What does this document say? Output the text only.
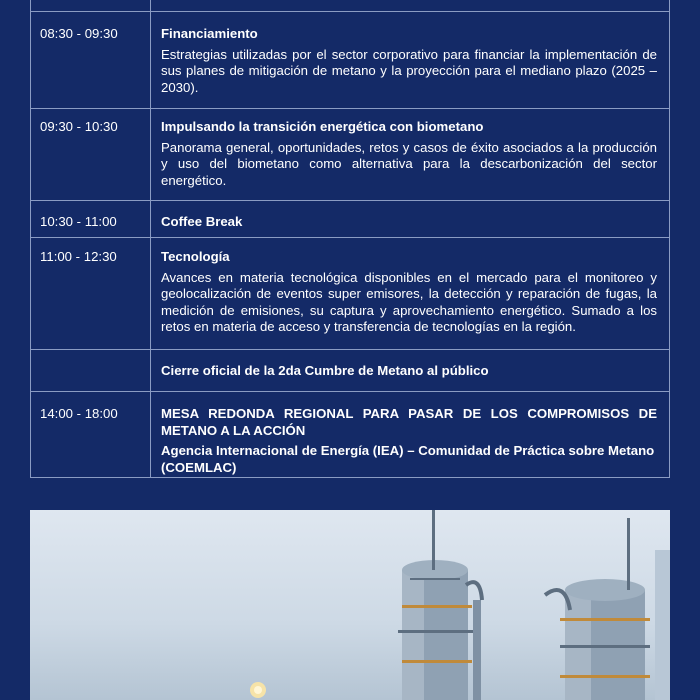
08:30 - 09:30	Financiamiento
Estrategias utilizadas por el sector corporativo para financiar la implementación de sus planes de mitigación de metano y la proyección para el mediano plazo (2025 – 2030).

09:30 - 10:30	Impulsando la transición energética con biometano
Panorama general, oportunidades, retos y casos de éxito asociados a la producción y uso del biometano como alternativa para la descarbonización del sector energético.

10:30 - 11:00	Coffee Break

11:00 - 12:30	Tecnología
Avances en materia tecnológica disponibles en el mercado para el monitoreo y geolocalización de eventos super emisores, la detección y reparación de fugas, la medición de emisiones, su captura y aprovechamiento energético. Sumado a los retos en materia de acceso y transferencia de tecnologías en la región.

	Cierre oficial de la 2da Cumbre de Metano al público

14:00 - 18:00	MESA REDONDA REGIONAL PARA PASAR DE LOS COMPROMISOS DE METANO A LA ACCIÓN
Agencia Internacional de Energía (IEA) – Comunidad de Práctica sobre Metano (COEMLAC)
